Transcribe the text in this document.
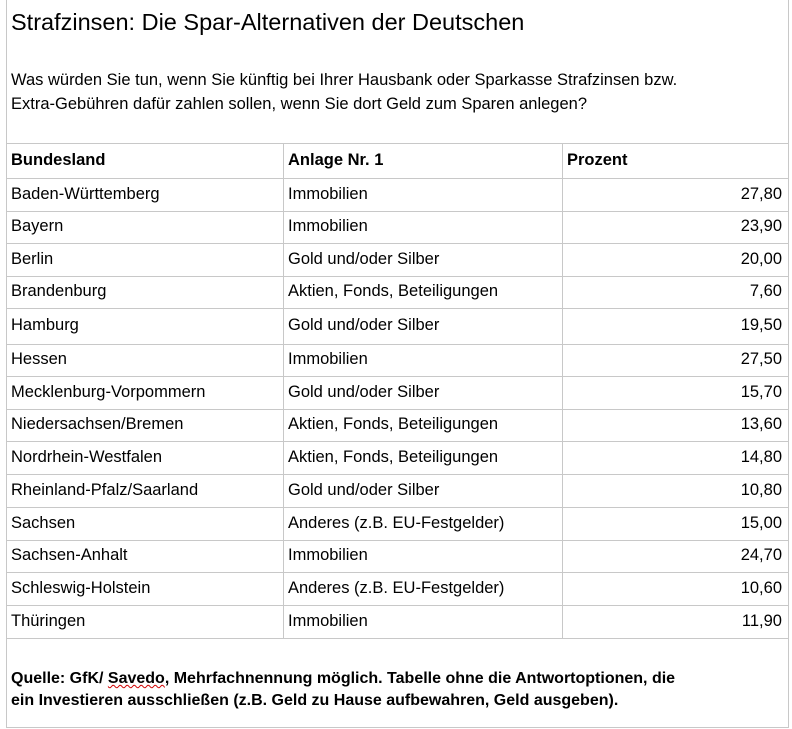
Strafzinsen: Die Spar-Alternativen der Deutschen
Was würden Sie tun, wenn Sie künftig bei Ihrer Hausbank oder Sparkasse Strafzinsen bzw.
Extra-Gebühren dafür zahlen sollen, wenn Sie dort Geld zum Sparen anlegen?
Bundesland	Anlage Nr. 1	Prozent
Baden-Württemberg	Immobilien	27,80
Bayern	Immobilien	23,90
Berlin	Gold und/oder Silber	20,00
Brandenburg	Aktien, Fonds, Beteiligungen	7,60
Hamburg	Gold und/oder Silber	19,50
Hessen	Immobilien	27,50
Mecklenburg-Vorpommern	Gold und/oder Silber	15,70
Niedersachsen/Bremen	Aktien, Fonds, Beteiligungen	13,60
Nordrhein-Westfalen	Aktien, Fonds, Beteiligungen	14,80
Rheinland-Pfalz/Saarland	Gold und/oder Silber	10,80
Sachsen	Anderes (z.B. EU-Festgelder)	15,00
Sachsen-Anhalt	Immobilien	24,70
Schleswig-Holstein	Anderes (z.B. EU-Festgelder)	10,60
Thüringen	Immobilien	11,90
Quelle: GfK/ Savedo, Mehrfachnennung möglich. Tabelle ohne die Antwortoptionen, die
ein Investieren ausschließen (z.B. Geld zu Hause aufbewahren, Geld ausgeben).
